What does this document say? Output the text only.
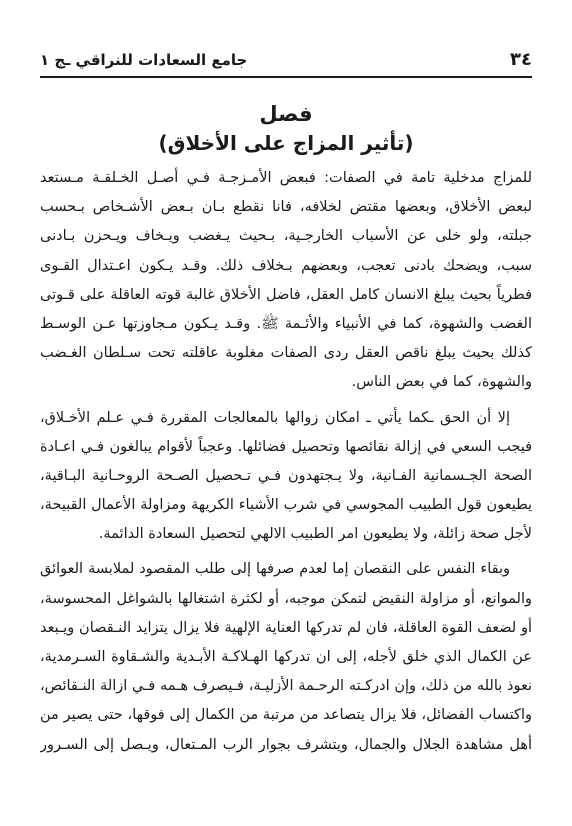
٣٤
جامع السعادات للنراقي ـج ١
فصل
(تأثير المزاج على الأخلاق)
للمزاج مدخلية تامة في الصفات: فبعض الأمـزجـة فـي أصـل الخـلقـة مـستعد
لبعض الأخلاق، وبعضها مقتض لخلافه، فانا نقطع بـان بـعض الأشـخاص بـحسب
جبلته، ولو خلى عن الأسباب الخارجـية، بـحيث يـغضب ويـخاف ويـحزن بـادنى
سبب، ويضحك بادنى تعجب، وبعضهم بـخلاف ذلك. وقـد يـكون اعـتدال القـوى
فطرياً بحيث يبلغ الانسان كامل العقل، فاضل الأخلاق غالبة قوته العاقلة على قـوتى
الغضب والشهوة، كما في الأنبياء والأئـمة ﷺ. وقـد يـكون مـجاوزتها عـن الوسـط
كذلك بحيث يبلغ ناقص العقل ردى الصفات مغلوبة عاقلته تحت سـلطان الغـضب
والشهوة، كما في بعض الناس.
إلا أن الحق ـكما يأتي ـ امكان زوالها بالمعالجات المقررة فـي عـلم الأخـلاق،
فيجب السعي في إزالة نقائصها وتحصيل فضائلها. وعجباً لأقوام يبالغون فـي اعـادة
الصحة الجـسمانية الفـانية، ولا يـجتهدون فـي تـحصيل الصـحة الروحـانية البـاقية،
يطيعون قول الطبيب المجوسي في شرب الأشياء الكريهة ومزاولة الأعمال القبيحة،
لأجل صحة زائلة، ولا يطيعون امر الطبيب الالهي لتحصيل السعادة الدائمة.
وبقاء النفس على النقصان إما لعدم صرفها إلى طلب المقصود لملابسة العوائق
والموانع، أو مزاولة النقيض لتمكن موجبه، أو لكثرة اشتغالها بالشواغل المحسوسة،
أو لضعف القوة العاقلة، فان لم تدركها العناية الإلهية فلا يزال يتزايد النـقصان ويـبعد
عن الكمال الذي خلق لأجله، إلى ان تدركها الهـلاكـة الأبـدية والشـقاوة السـرمدية،
نعوذ بالله من ذلك، وإن ادركـته الرحـمة الأزليـة، فـيصرف هـمه فـي ازالة النـقائص،
واكتساب الفضائل، فلا يزال يتصاعد من مرتبة من الكمال إلى فوقها، حتى يصير من
أهل مشاهدة الجلال والجمال، ويتشرف بجوار الرب المـتعال، ويـصل إلى السـرور
